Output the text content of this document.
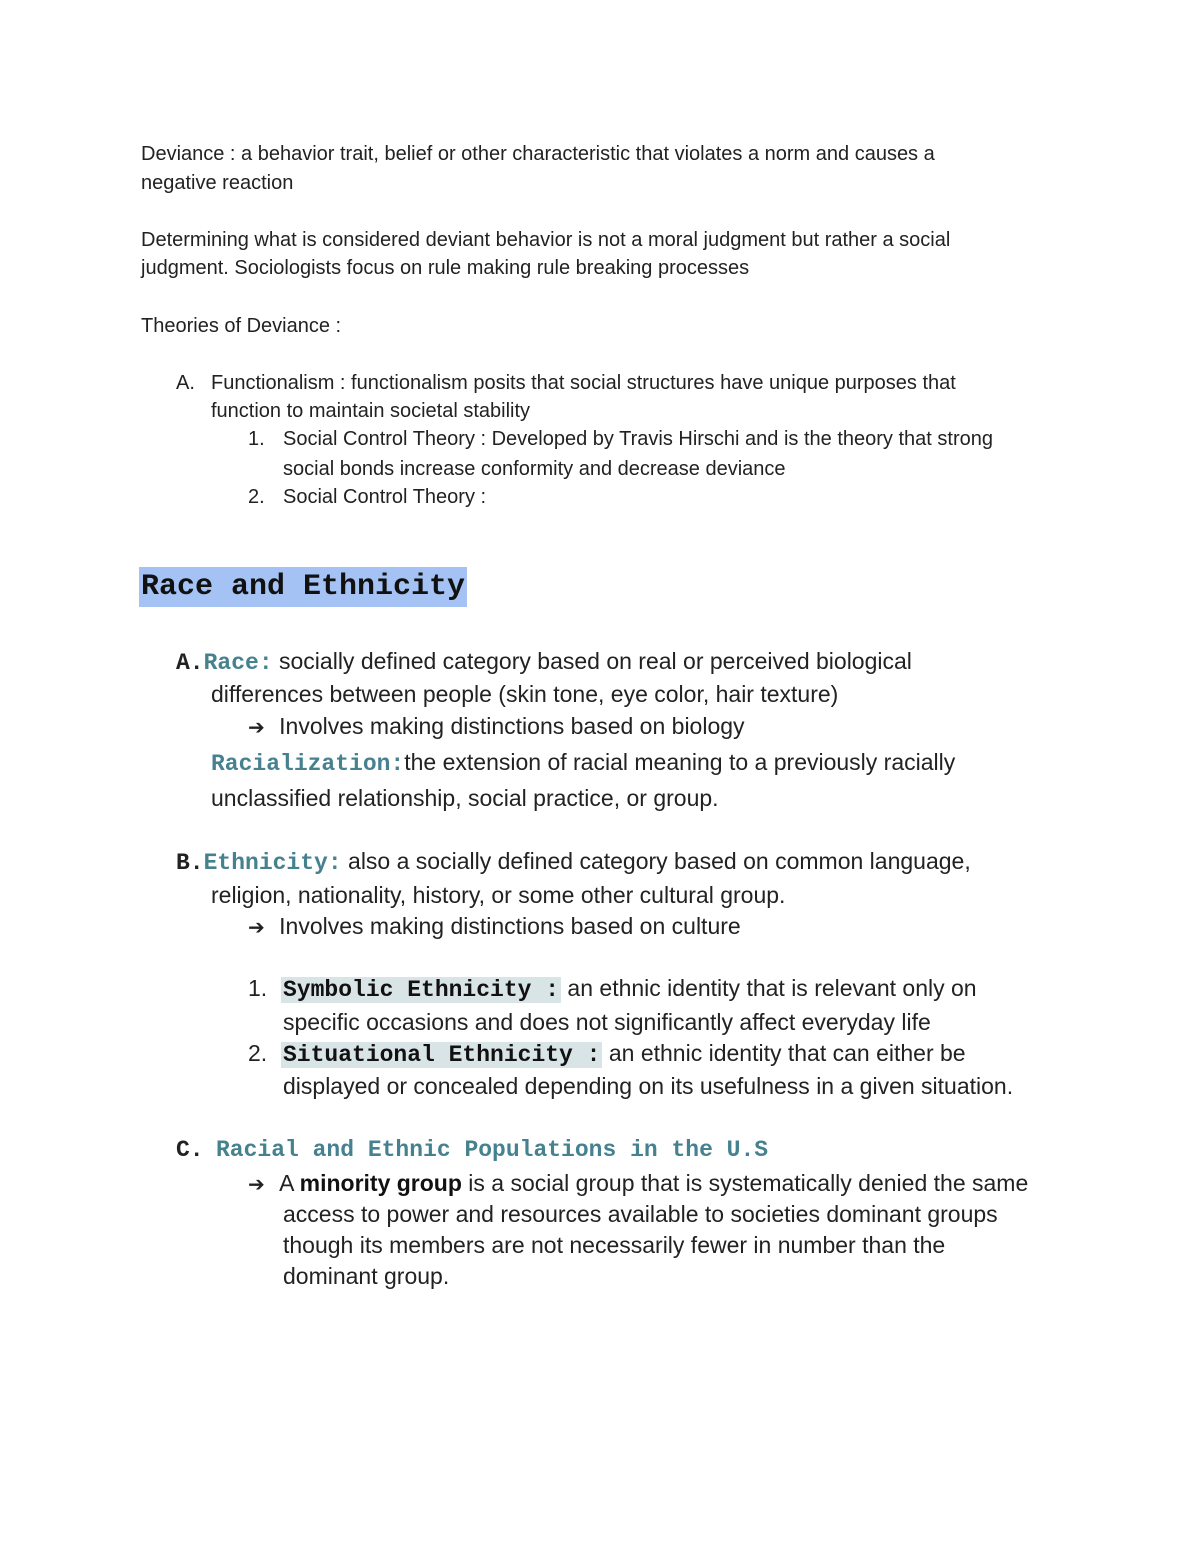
Deviance : a behavior trait, belief or other characteristic that violates a norm and causes a
negative reaction
Determining what is considered deviant behavior is not a moral judgment but rather a social
judgment. Sociologists focus on rule making rule breaking processes
Theories of Deviance :
A. Functionalism : functionalism posits that social structures have unique purposes that
function to maintain societal stability
1. Social Control Theory : Developed by Travis Hirschi and is the theory that strong
social bonds increase conformity and decrease deviance
2. Social Control Theory :
Race and Ethnicity
A.Race: socially defined category based on real or perceived biological
differences between people (skin tone, eye color, hair texture)
➔ Involves making distinctions based on biology
Racialization:the extension of racial meaning to a previously racially
unclassified relationship, social practice, or group.
B.Ethnicity: also a socially defined category based on common language,
religion, nationality, history, or some other cultural group.
➔ Involves making distinctions based on culture
1. Symbolic Ethnicity : an ethnic identity that is relevant only on
specific occasions and does not significantly affect everyday life
2. Situational Ethnicity : an ethnic identity that can either be
displayed or concealed depending on its usefulness in a given situation.
C. Racial and Ethnic Populations in the U.S
➔ A minority group is a social group that is systematically denied the same
access to power and resources available to societies dominant groups
though its members are not necessarily fewer in number than the
dominant group.
